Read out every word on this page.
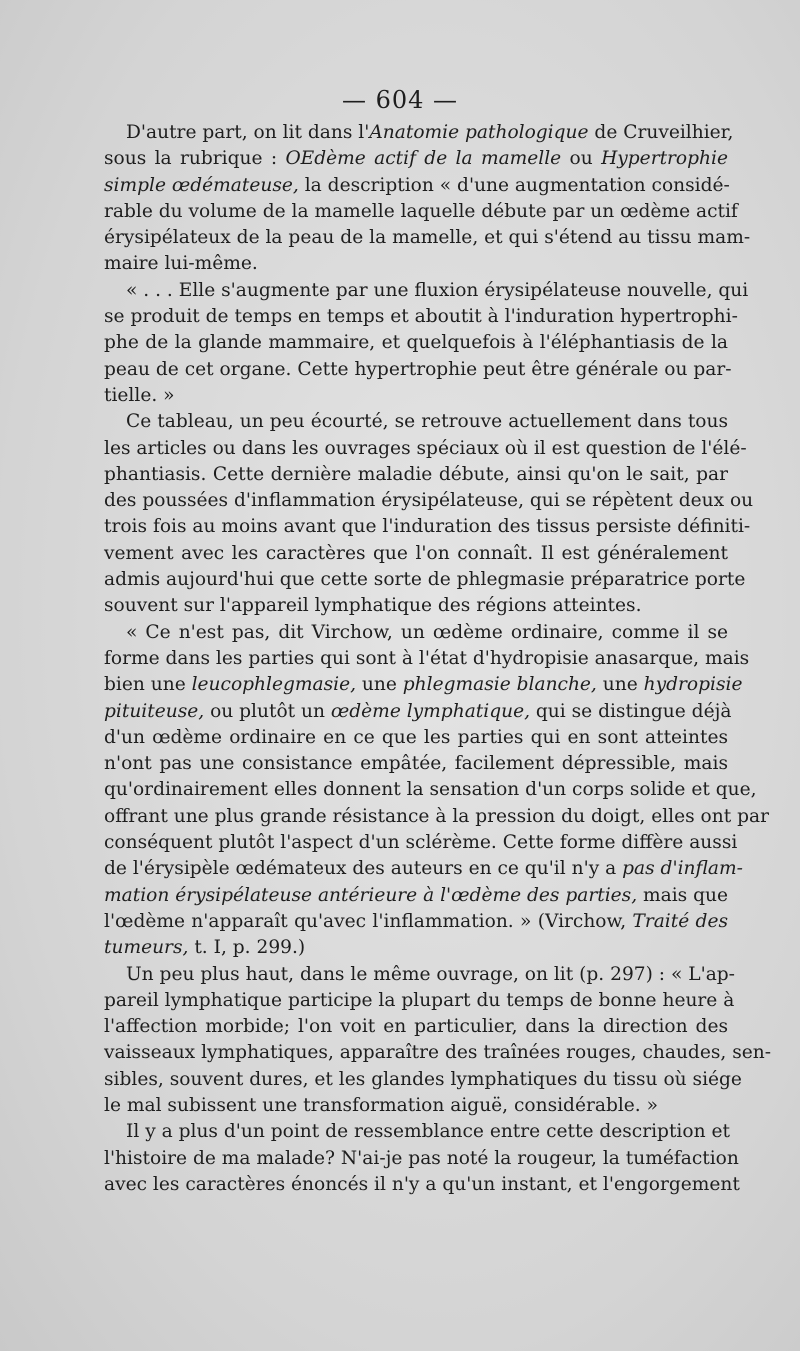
— 604 —
D'autre part, on lit dans l'Anatomie pathologique de Cruveilhier,
sous la rubrique : OEdème actif de la mamelle ou Hypertrophie
simple œdémateuse, la description « d'une augmentation considé-
rable du volume de la mamelle laquelle débute par un œdème actif
érysipélateux de la peau de la mamelle, et qui s'étend au tissu mam-
maire lui-même.
« . . . Elle s'augmente par une fluxion érysipélateuse nouvelle, qui
se produit de temps en temps et aboutit à l'induration hypertrophi-
phe de la glande mammaire, et quelquefois à l'éléphantiasis de la
peau de cet organe. Cette hypertrophie peut être générale ou par-
tielle. »
Ce tableau, un peu écourté, se retrouve actuellement dans tous
les articles ou dans les ouvrages spéciaux où il est question de l'élé-
phantiasis. Cette dernière maladie débute, ainsi qu'on le sait, par
des poussées d'inflammation érysipélateuse, qui se répètent deux ou
trois fois au moins avant que l'induration des tissus persiste définiti-
vement avec les caractères que l'on connaît. Il est généralement
admis aujourd'hui que cette sorte de phlegmasie préparatrice porte
souvent sur l'appareil lymphatique des régions atteintes.
« Ce n'est pas, dit Virchow, un œdème ordinaire, comme il se
forme dans les parties qui sont à l'état d'hydropisie anasarque, mais
bien une leucophlegmasie, une phlegmasie blanche, une hydropisie
pituiteuse, ou plutôt un œdème lymphatique, qui se distingue déjà
d'un œdème ordinaire en ce que les parties qui en sont atteintes
n'ont pas une consistance empâtée, facilement dépressible, mais
qu'ordinairement elles donnent la sensation d'un corps solide et que,
offrant une plus grande résistance à la pression du doigt, elles ont par
conséquent plutôt l'aspect d'un sclérème. Cette forme diffère aussi
de l'érysipèle œdémateux des auteurs en ce qu'il n'y a pas d'inflam-
mation érysipélateuse antérieure à l'œdème des parties, mais que
l'œdème n'apparaît qu'avec l'inflammation. » (Virchow, Traité des
tumeurs, t. I, p. 299.)
Un peu plus haut, dans le même ouvrage, on lit (p. 297) : « L'ap-
pareil lymphatique participe la plupart du temps de bonne heure à
l'affection morbide; l'on voit en particulier, dans la direction des
vaisseaux lymphatiques, apparaître des traînées rouges, chaudes, sen-
sibles, souvent dures, et les glandes lymphatiques du tissu où siége
le mal subissent une transformation aiguë, considérable. »
Il y a plus d'un point de ressemblance entre cette description et
l'histoire de ma malade? N'ai-je pas noté la rougeur, la tuméfaction
avec les caractères énoncés il n'y a qu'un instant, et l'engorgement
